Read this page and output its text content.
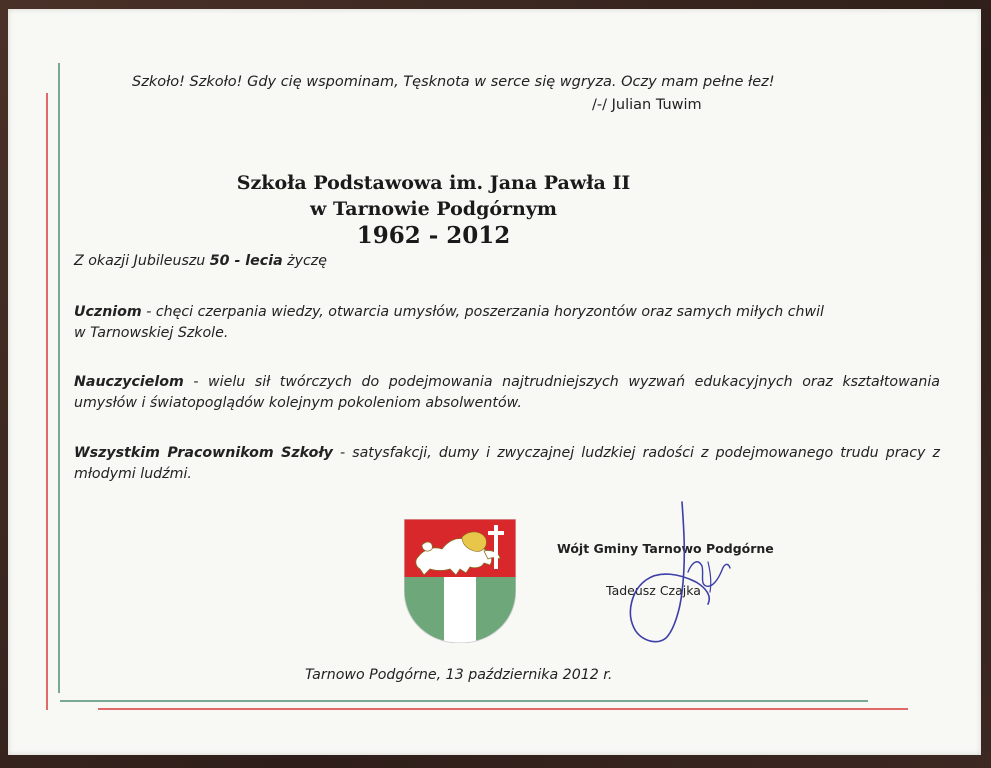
Szkoło! Szkoło! Gdy cię wspominam, Tęsknota w serce się wgryza. Oczy mam pełne łez!
/-/ Julian Tuwim
Szkoła Podstawowa im. Jana Pawła II
w Tarnowie Podgórnym
1962 - 2012
Z okazji Jubileuszu 50 - lecia życzę
Uczniom - chęci czerpania wiedzy, otwarcia umysłów, poszerzania horyzontów oraz samych miłych chwil w Tarnowskiej Szkole.
Nauczycielom - wielu sił twórczych do podejmowania najtrudniejszych wyzwań edukacyjnych oraz kształtowania umysłów i światopoglądów kolejnym pokoleniom absolwentów.
Wszystkim Pracownikom Szkoły - satysfakcji, dumy i zwyczajnej ludzkiej radości z podejmowanego trudu pracy z młodymi ludźmi.
Wójt Gminy Tarnowo Podgórne
Tadeusz Czajka
Tarnowo Podgórne, 13 października 2012 r.
